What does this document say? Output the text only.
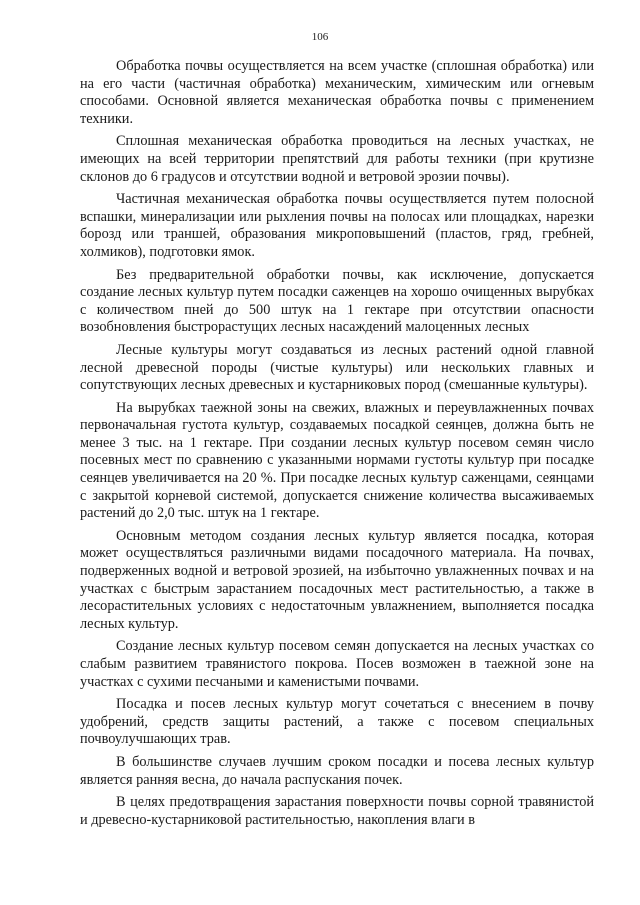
106

Обработка почвы осуществляется на всем участке (сплошная обработка) или на его части (частичная обработка) механическим, химическим или огневым способами. Основной является механическая обработка почвы с применением техники.

Сплошная механическая обработка проводиться на лесных участках, не имеющих на всей территории препятствий для работы техники (при крутизне склонов до 6 градусов и отсутствии водной и ветровой эрозии почвы).

Частичная механическая обработка почвы осуществляется путем полосной вспашки, минерализации или рыхления почвы на полосах или площадках, нарезки борозд или траншей, образования микроповышений (пластов, гряд, гребней, холмиков), подготовки ямок.

Без предварительной обработки почвы, как исключение, допускается создание лесных культур путем посадки саженцев на хорошо очищенных вырубках с количеством пней до 500 штук на 1 гектаре при отсутствии опасности возобновления быстрорастущих лесных насаждений малоценных лесных

Лесные культуры могут создаваться из лесных растений одной главной лесной древесной породы (чистые культуры) или нескольких главных и сопутствующих лесных древесных и кустарниковых пород (смешанные культуры).

На вырубках таежной зоны на свежих, влажных и переувлажненных почвах первоначальная густота культур, создаваемых посадкой сеянцев, должна быть не менее 3 тыс. на 1 гектаре. При создании лесных культур посевом семян число посевных мест по сравнению с указанными нормами густоты культур при посадке сеянцев увеличивается на 20 %. При посадке лесных культур саженцами, сеянцами с закрытой корневой системой, допускается снижение количества высаживаемых растений до 2,0 тыс. штук на 1 гектаре.

Основным методом создания лесных культур является посадка, которая может осуществляться различными видами посадочного материала. На почвах, подверженных водной и ветровой эрозией, на избыточно увлажненных почвах и на участках с быстрым зарастанием посадочных мест растительностью, а также в лесорастительных условиях с недостаточным увлажнением, выполняется посадка лесных культур.

Создание лесных культур посевом семян допускается на лесных участках со слабым развитием травянистого покрова. Посев возможен в таежной зоне на участках с сухими песчаными и каменистыми почвами.

Посадка и посев лесных культур могут сочетаться с внесением в почву удобрений, средств защиты растений, а также с посевом специальных почвоулучшающих трав.

В большинстве случаев лучшим сроком посадки и посева лесных культур является ранняя весна, до начала распускания почек.

В целях предотвращения зарастания поверхности почвы сорной травянистой и древесно-кустарниковой растительностью, накопления влаги в
